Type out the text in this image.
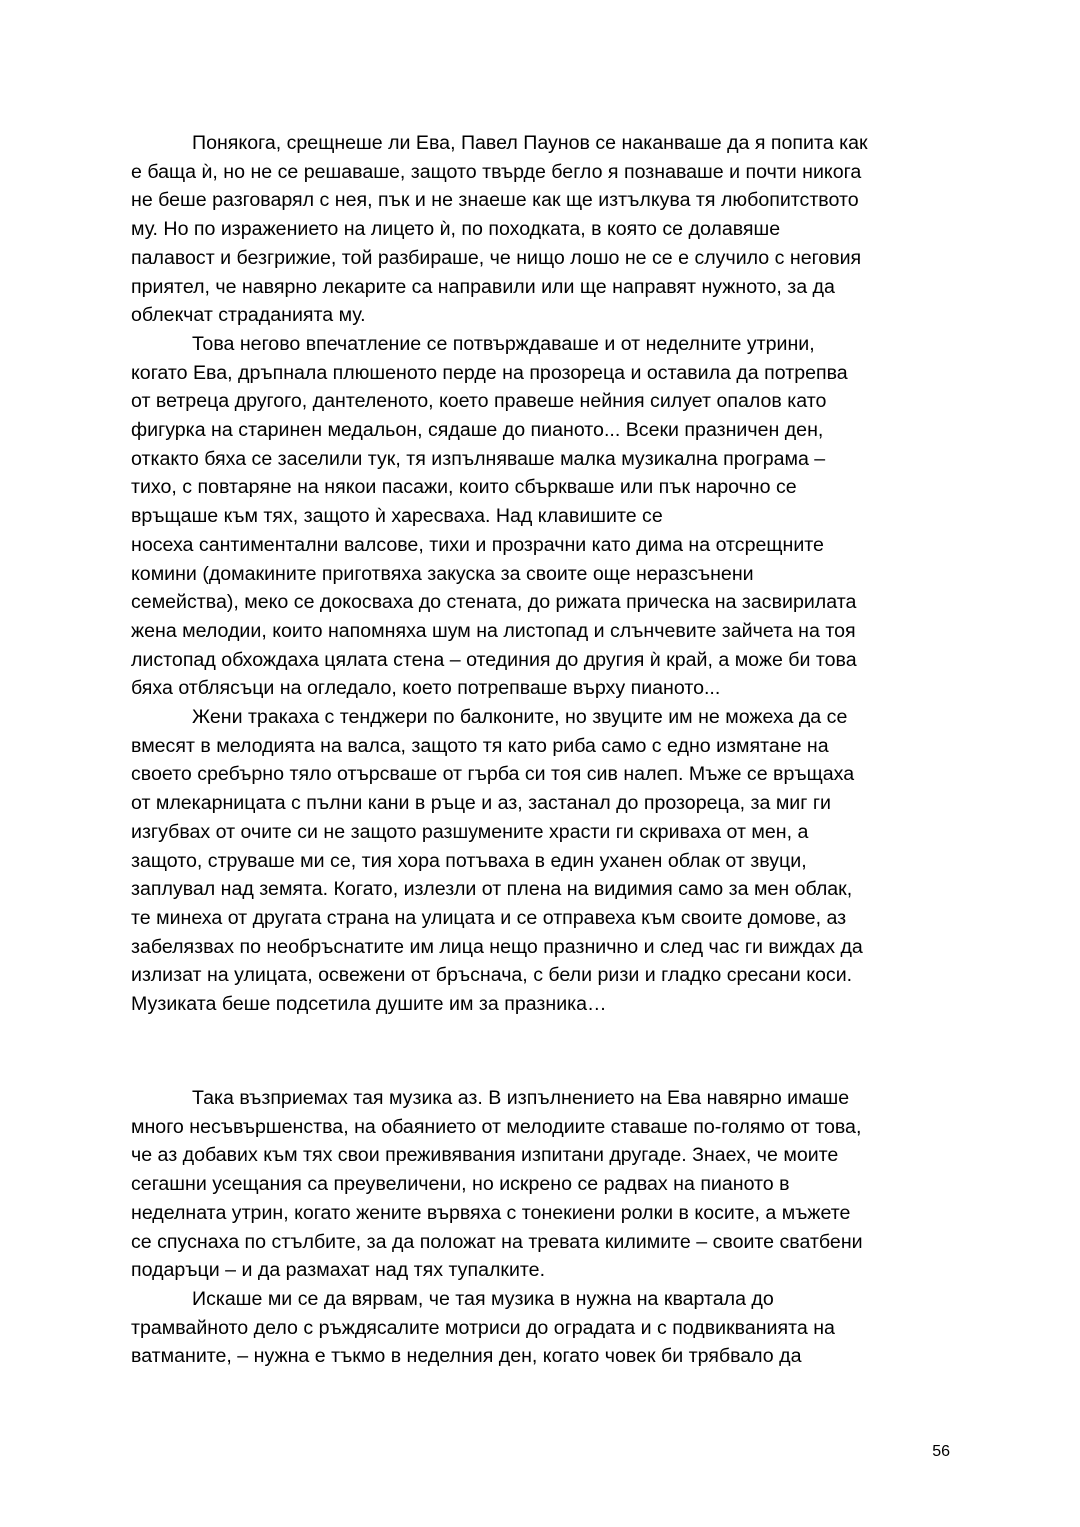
Понякога, срещнеше ли Ева, Павел Паунов се наканваше да я попита как
е баща ѝ, но не се решаваше, защото твърде бегло я познаваше и почти никога
не беше разговарял с нея, пък и не знаеше как ще изтълкува тя любопитството
му. Но по изражението на лицето ѝ, по походката, в която се долавяше
палавост и безгрижие, той разбираше, че нищо лошо не се е случило с неговия
приятел, че навярно лекарите са направили или ще направят нужното, за да
облекчат страданията му.
Това негово впечатление се потвърждаваше и от неделните утрини,
когато Ева, дръпнала плюшеното перде на прозореца и оставила да потрепва
от ветреца другого, дантеленото, което правеше нейния силует опалов като
фигурка на старинен медальон, сядаше до пианото... Всеки празничен ден,
откакто бяха се заселили тук, тя изпълняваше малка музикална програма –
тихо, с повтаряне на някои пасажи, които сбъркваше или пък нарочно се
връщаше към тях, защото ѝ харесваха. Над клавишите се
носеха сантиментални валсове, тихи и прозрачни като дима на отсрещните
комини (домакините приготвяха закуска за своите още неразсънени
семейства), меко се докосваха до стената, до рижата прическа на засвирилата
жена мелодии, които напомняха шум на листопад и слънчевите зайчета на тоя
листопад обхождаха цялата стена – отединия до другия ѝ край, а може би това
бяха отблясъци на огледало, което потрепваше върху пианото...
Жени тракаха с тенджери по балконите, но звуците им не можеха да се
вмесят в мелодията на валса, защото тя като риба само с едно измятане на
своето сребърно тяло отърсваше от гърба си тоя сив налеп. Мъже се връщаха
от млекарницата с пълни кани в ръце и аз, застанал до прозореца, за миг ги
изгубвах от очите си не защото разшумените храсти ги скриваха от мен, а
защото, струваше ми се, тия хора потъваха в един уханен облак от звуци,
заплувал над земята. Когато, излезли от плена на видимия само за мен облак,
те минеха от другата страна на улицата и се отправеха към своите домове, аз
забелязвах по необръснатите им лица нещо празнично и след час ги виждах да
излизат на улицата, освежени от бръснача, с бели ризи и гладко сресани коси.
Музиката беше подсетила душите им за празника…
Така възприемах тая музика аз. В изпълнението на Ева навярно имаше
много несъвършенства, на обаянието от мелодиите ставаше по-голямо от това,
че аз добавих към тях свои преживявания изпитани другаде. Знаех, че моите
сегашни усещания са преувеличени, но искрено се радвах на пианото в
неделната утрин, когато жените вървяха с тонекиени ролки в косите, а мъжете
се спуснаха по стълбите, за да положат на тревата килимите – своите сватбени
подаръци – и да размахат над тях тупалките.
Искаше ми се да вярвам, че тая музика в нужна на квартала до
трамвайното дело с ръждясалите мотриси до оградата и с подвикванията на
ватманите, – нужна е тъкмо в неделния ден, когато човек би трябвало да
56
